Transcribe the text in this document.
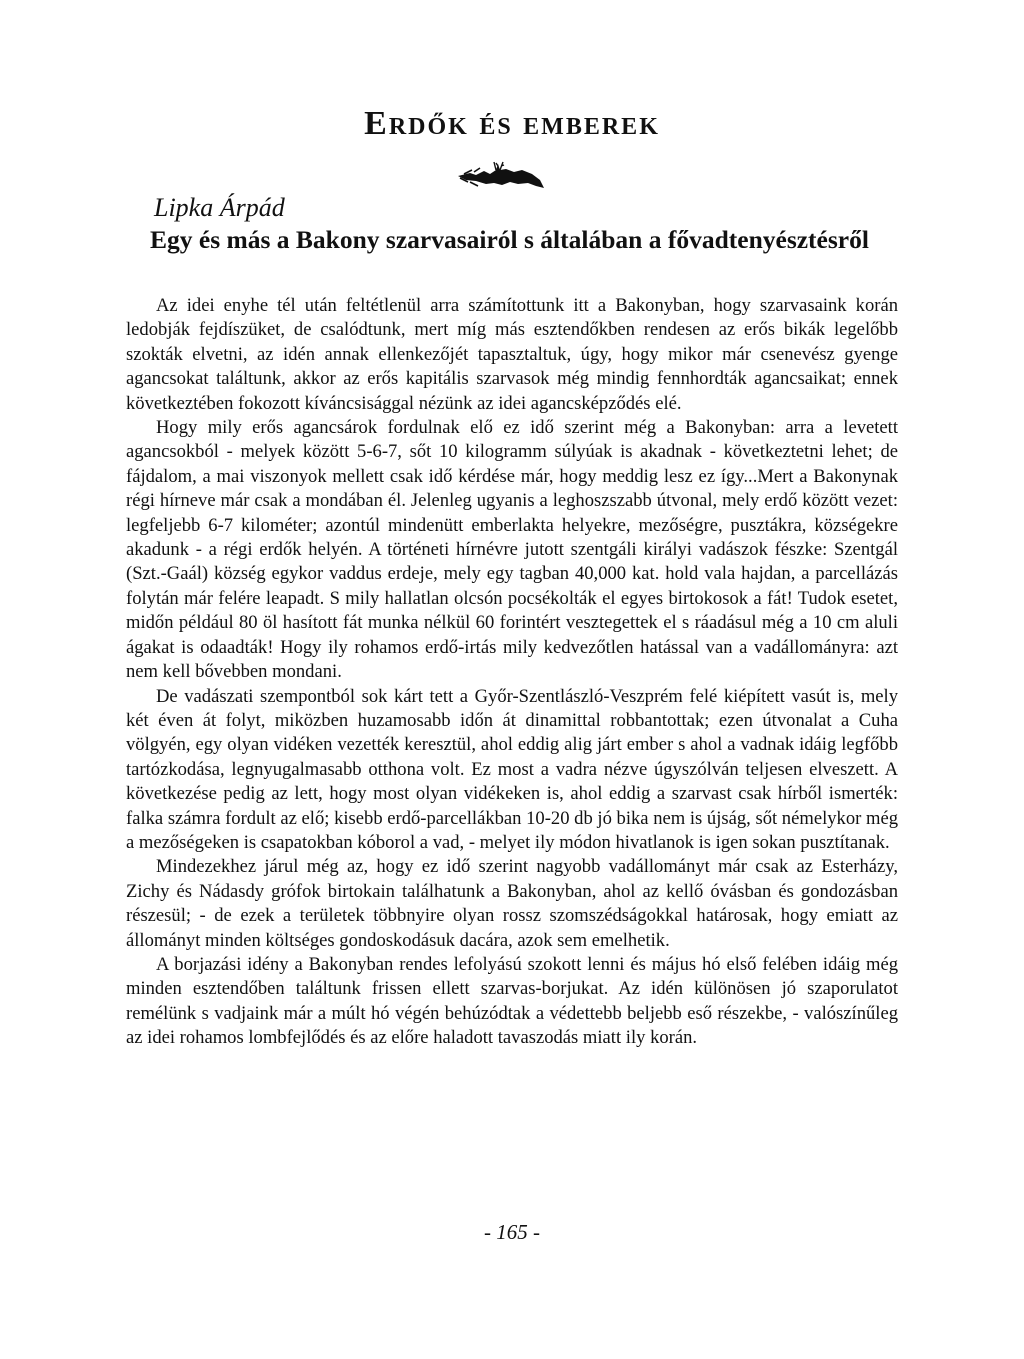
Erdők és emberek

Lipka Árpád

Egy és más a Bakony szarvasairól s általában a fővadtenyésztésről

Az idei enyhe tél után feltétlenül arra számítottunk itt a Bakonyban, hogy szarvasaink korán ledobják fejdíszüket, de csalódtunk, mert míg más esztendőkben rendesen az erős bikák legelőbb szokták elvetni, az idén annak ellenkezőjét tapasztaltuk, úgy, hogy mikor már csenevész gyenge agancsokat találtunk, akkor az erős kapitális szarvasok még mindig fennhordták agancsaikat; ennek következtében fokozott kíváncsisággal nézünk az idei agancsképződés elé.

Hogy mily erős agancsárok fordulnak elő ez idő szerint még a Bakonyban: arra a levetett agancsokból - melyek között 5-6-7, sőt 10 kilogramm súlyúak is akadnak - következtetni lehet; de fájdalom, a mai viszonyok mellett csak idő kérdése már, hogy meddig lesz ez így...Mert a Bakonynak régi hírneve már csak a mondában él. Jelenleg ugyanis a leghoszszabb útvonal, mely erdő között vezet: legfeljebb 6-7 kilométer; azontúl mindenütt emberlakta helyekre, mezőségre, pusztákra, községekre akadunk - a régi erdők helyén. A történeti hírnévre jutott szentgáli királyi vadászok fészke: Szentgál (Szt.-Gaál) község egykor vaddus erdeje, mely egy tagban 40,000 kat. hold vala hajdan, a parcellázás folytán már felére leapadt. S mily hallatlan olcsón pocsékolták el egyes birtokosok a fát! Tudok esetet, midőn például 80 öl hasított fát munka nélkül 60 forintért vesztegettek el s ráadásul még a 10 cm aluli ágakat is odaadták! Hogy ily rohamos erdő-irtás mily kedvezőtlen hatással van a vadállományra: azt nem kell bővebben mondani.

De vadászati szempontból sok kárt tett a Győr-Szentlászló-Veszprém felé kiépített vasút is, mely két éven át folyt, miközben huzamosabb időn át dinamittal robbantottak; ezen útvonalat a Cuha völgyén, egy olyan vidéken vezették keresztül, ahol eddig alig járt ember s ahol a vadnak idáig legfőbb tartózkodása, legnyugalmasabb otthona volt. Ez most a vadra nézve úgyszólván teljesen elveszett. A következése pedig az lett, hogy most olyan vidékeken is, ahol eddig a szarvast csak hírből ismerték: falka számra fordult az elő; kisebb erdő-parcellákban 10-20 db jó bika nem is újság, sőt némelykor még a mezőségeken is csapatokban kóborol a vad, - melyet ily módon hivatlanok is igen sokan pusztítanak.

Mindezekhez járul még az, hogy ez idő szerint nagyobb vadállományt már csak az Esterházy, Zichy és Nádasdy grófok birtokain találhatunk a Bakonyban, ahol az kellő óvásban és gondozásban részesül; - de ezek a területek többnyire olyan rossz szomszédságokkal határosak, hogy emiatt az állományt minden költséges gondoskodásuk dacára, azok sem emelhetik.

A borjazási idény a Bakonyban rendes lefolyású szokott lenni és május hó első felében idáig még minden esztendőben találtunk frissen ellett szarvas-borjukat. Az idén különösen jó szaporulatot remélünk s vadjaink már a múlt hó végén behúzódtak a védettebb beljebb eső részekbe, - valószínűleg az idei rohamos lombfejlődés és az előre haladott tavaszodás miatt ily korán.

- 165 -
